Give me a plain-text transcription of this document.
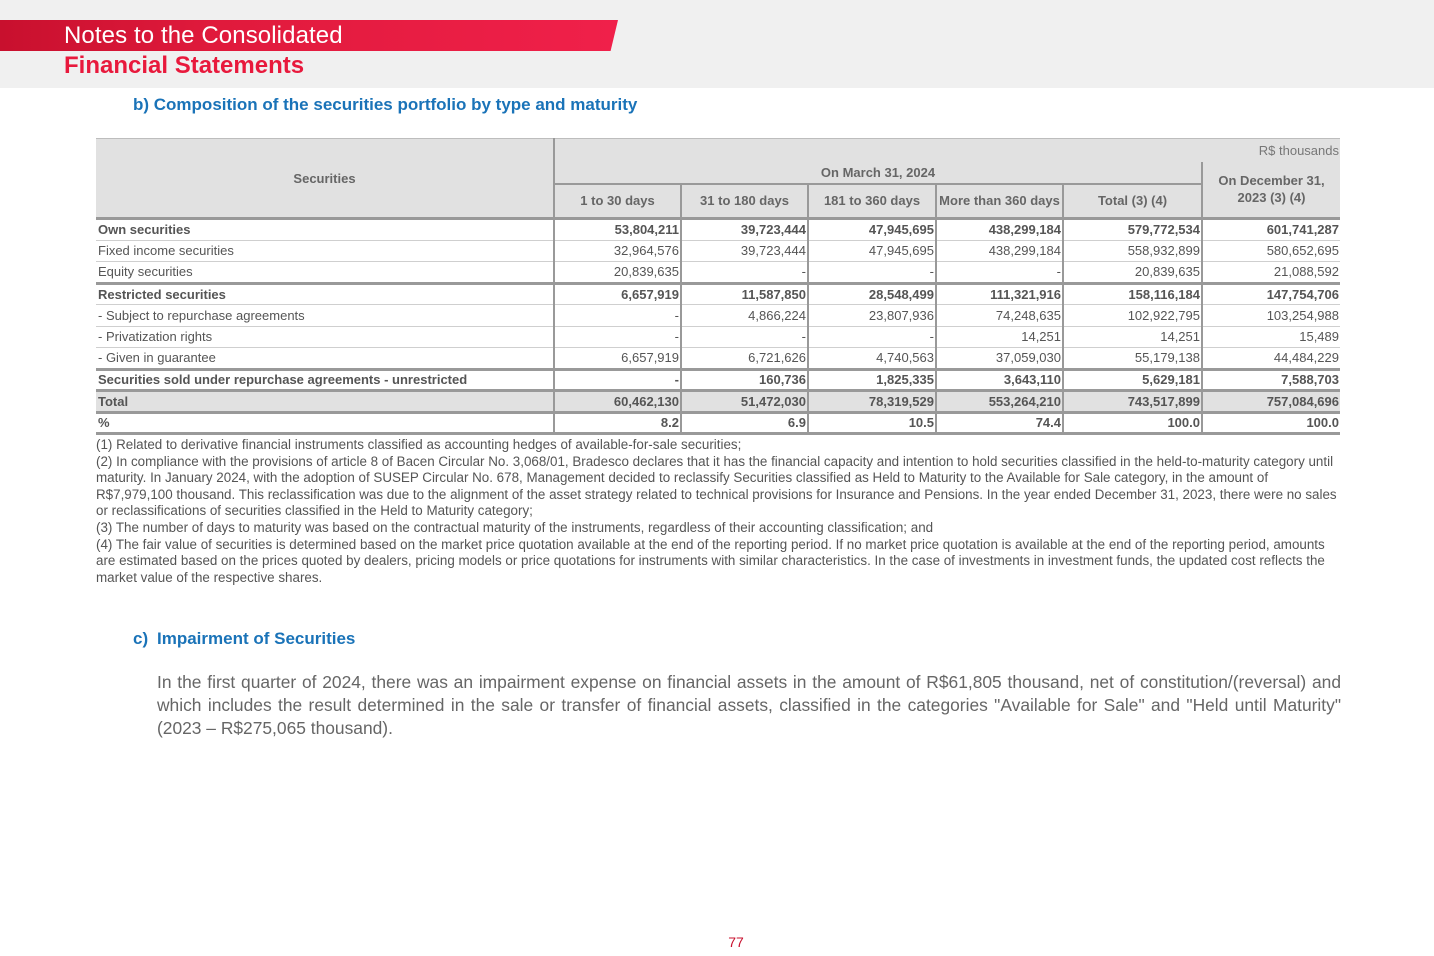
Notes to the Consolidated
Financial Statements
b) Composition of the securities portfolio by type and maturity
Securities	R$ thousands					
	On March 31, 2024					On December 31, 2023 (3) (4)
	1 to 30 days	31 to 180 days	181 to 360 days	More than 360 days	Total (3) (4)	
Own securities	53,804,211	39,723,444	47,945,695	438,299,184	579,772,534	601,741,287
Fixed income securities	32,964,576	39,723,444	47,945,695	438,299,184	558,932,899	580,652,695
Equity securities	20,839,635	-	-	-	20,839,635	21,088,592
Restricted securities	6,657,919	11,587,850	28,548,499	111,321,916	158,116,184	147,754,706
- Subject to repurchase agreements	-	4,866,224	23,807,936	74,248,635	102,922,795	103,254,988
- Privatization rights	-	-	-	14,251	14,251	15,489
- Given in guarantee	6,657,919	6,721,626	4,740,563	37,059,030	55,179,138	44,484,229
Securities sold under repurchase agreements - unrestricted	-	160,736	1,825,335	3,643,110	5,629,181	7,588,703
Total	60,462,130	51,472,030	78,319,529	553,264,210	743,517,899	757,084,696
%	8.2	6.9	10.5	74.4	100.0	100.0
(1) Related to derivative financial instruments classified as accounting hedges of available-for-sale securities;
(2) In compliance with the provisions of article 8 of Bacen Circular No. 3,068/01, Bradesco declares that it has the financial capacity and intention to hold securities classified in the held-to-maturity category until maturity. In January 2024, with the adoption of SUSEP Circular No. 678, Management decided to reclassify Securities classified as Held to Maturity to the Available for Sale category, in the amount of R$7,979,100 thousand. This reclassification was due to the alignment of the asset strategy related to technical provisions for Insurance and Pensions. In the year ended December 31, 2023, there were no sales or reclassifications of securities classified in the Held to Maturity category;
(3) The number of days to maturity was based on the contractual maturity of the instruments, regardless of their accounting classification; and
(4) The fair value of securities is determined based on the market price quotation available at the end of the reporting period. If no market price quotation is available at the end of the reporting period, amounts are estimated based on the prices quoted by dealers, pricing models or price quotations for instruments with similar characteristics. In the case of investments in investment funds, the updated cost reflects the market value of the respective shares.
c) Impairment of Securities
In the first quarter of 2024, there was an impairment expense on financial assets in the amount of R$61,805 thousand, net of constitution/(reversal) and which includes the result determined in the sale or transfer of financial assets, classified in the categories "Available for Sale" and "Held until Maturity" (2023 – R$275,065 thousand).
77
